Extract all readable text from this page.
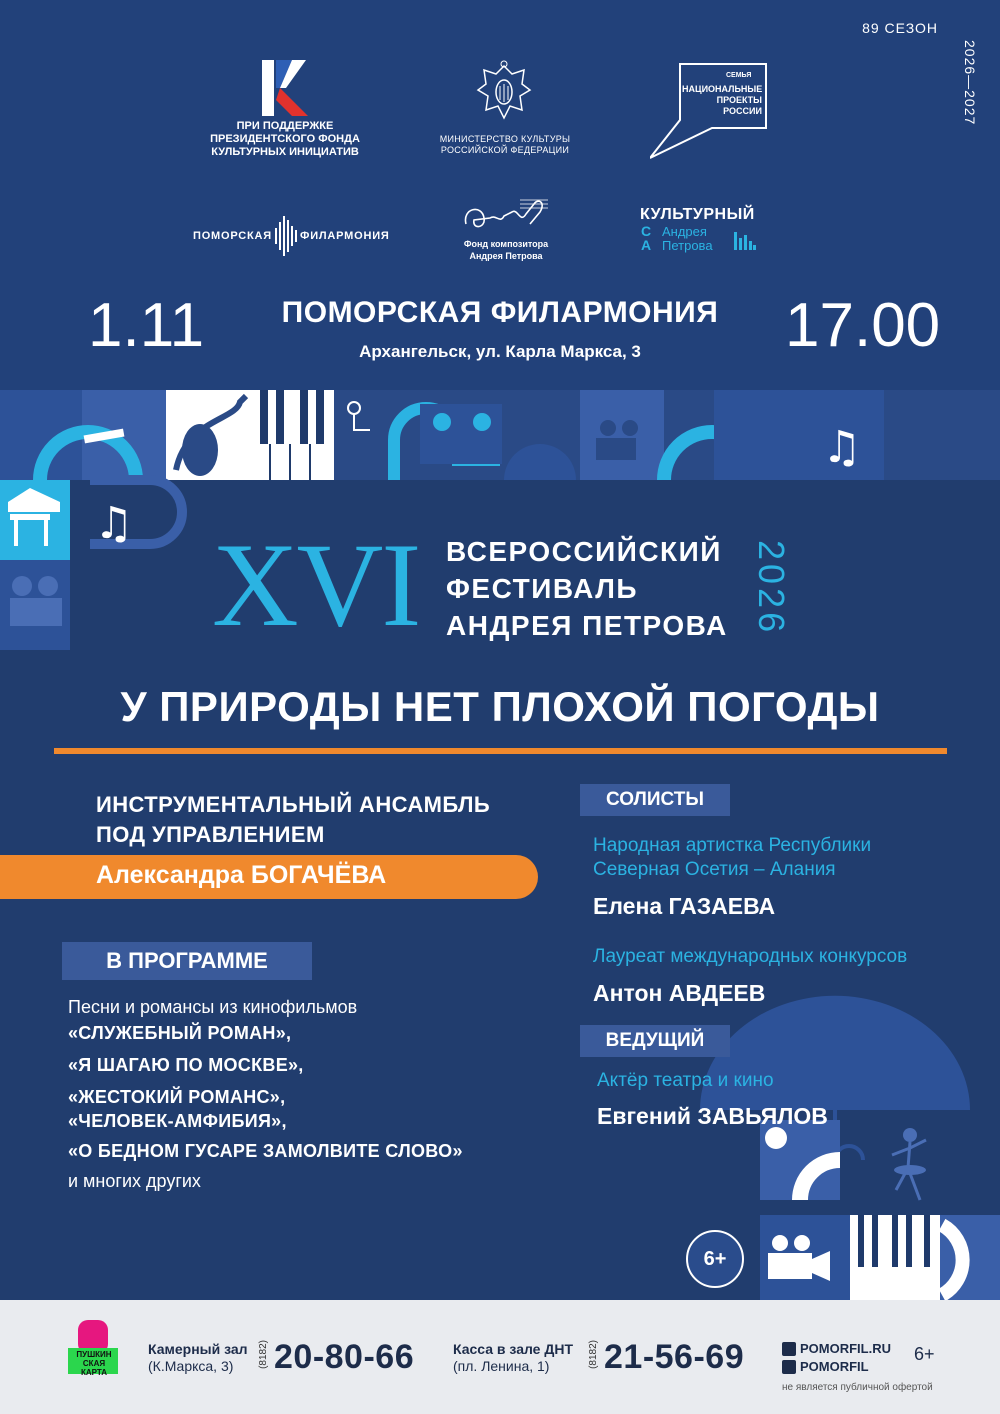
89 СЕЗОН
2026—2027
ПРИ ПОДДЕРЖКЕ
ПРЕЗИДЕНТСКОГО ФОНДА
КУЛЬТУРНЫХ ИНИЦИАТИВ
МИНИСТЕРСТВО КУЛЬТУРЫ
РОССИЙСКОЙ ФЕДЕРАЦИИ
СЕМЬЯ
НАЦИОНАЛЬНЫЕ
ПРОЕКТЫ
РОССИИ
ПОМОРСКАЯ	ФИЛАРМОНИЯ
Фонд композитора
Андрея Петрова
КУЛЬТУРНЫЙ
СА
Андрея
Петрова
1.11	ПОМОРСКАЯ ФИЛАРМОНИЯ
Архангельск, ул. Карла Маркса, 3	17.00
♫
♫ XVI ВСЕРОССИЙСКИЙ
ФЕСТИВАЛЬ
АНДРЕЯ ПЕТРОВА 2026
У ПРИРОДЫ НЕТ ПЛОХОЙ ПОГОДЫ
ИНСТРУМЕНТАЛЬНЫЙ АНСАМБЛЬ
ПОД УПРАВЛЕНИЕМ
Александра БОГАЧЁВА
В ПРОГРАММЕ
Песни и романсы из кинофильмов
«СЛУЖЕБНЫЙ РОМАН»,
«Я ШАГАЮ ПО МОСКВЕ»,
«ЖЕСТОКИЙ РОМАНС»,
«ЧЕЛОВЕК-АМФИБИЯ»,
«О БЕДНОМ ГУСАРЕ ЗАМОЛВИТЕ СЛОВО»
и многих других
СОЛИСТЫ
Народная артистка Республики
Северная Осетия – Алания
Елена ГАЗАЕВА
Лауреат международных конкурсов
Антон АВДЕЕВ
ВЕДУЩИЙ
Актёр театра и кино
Евгений ЗАВЬЯЛОВ
6+
ПУШКИН
СКАЯ
КАРТА
Камерный зал
(К.Маркса, 3) (8182) 20-80-66	Касса в зале ДНТ
(пл. Ленина, 1)	(8182) 21-56-69	POMORFIL.RU
POMORFIL
6+
не является публичной офертой
